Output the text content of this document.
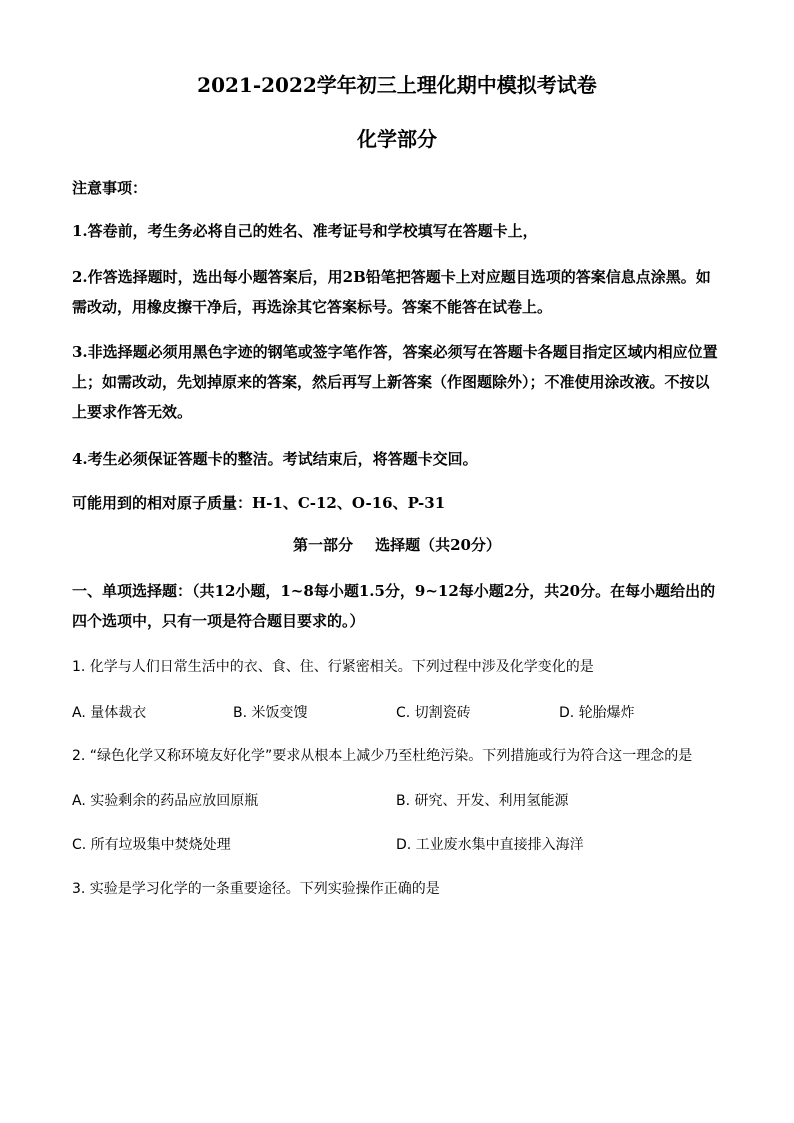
2021-2022学年初三上理化期中模拟考试卷
化学部分
注意事项：
1.答卷前，考生务必将自己的姓名、准考证号和学校填写在答题卡上，
2.作答选择题时，选出每小题答案后，用2B铅笔把答题卡上对应题目选项的答案信息点涂黑。如需改动，用橡皮擦干净后，再选涂其它答案标号。答案不能答在试卷上。
3.非选择题必须用黑色字迹的钢笔或签字笔作答，答案必须写在答题卡各题目指定区域内相应位置上；如需改动，先划掉原来的答案，然后再写上新答案（作图题除外）；不准使用涂改液。不按以上要求作答无效。
4.考生必须保证答题卡的整洁。考试结束后，将答题卡交回。
可能用到的相对原子质量：H-1、C-12、O-16、P-31
第一部分 选择题（共20分）
一、单项选择题：（共12小题，1~8每小题1.5分，9~12每小题2分，共20分。在每小题给出的四个选项中，只有一项是符合题目要求的。）
1. 化学与人们日常生活中的衣、食、住、行紧密相关。下列过程中涉及化学变化的是
A. 量体裁衣	B. 米饭变馊	C. 切割瓷砖	D. 轮胎爆炸
2. “绿色化学又称环境友好化学”要求从根本上减少乃至杜绝污染。下列措施或行为符合这一理念的是
A. 实验剩余的药品应放回原瓶	B. 研究、开发、利用氢能源
C. 所有垃圾集中焚烧处理	D. 工业废水集中直接排入海洋
3. 实验是学习化学的一条重要途径。下列实验操作正确的是
